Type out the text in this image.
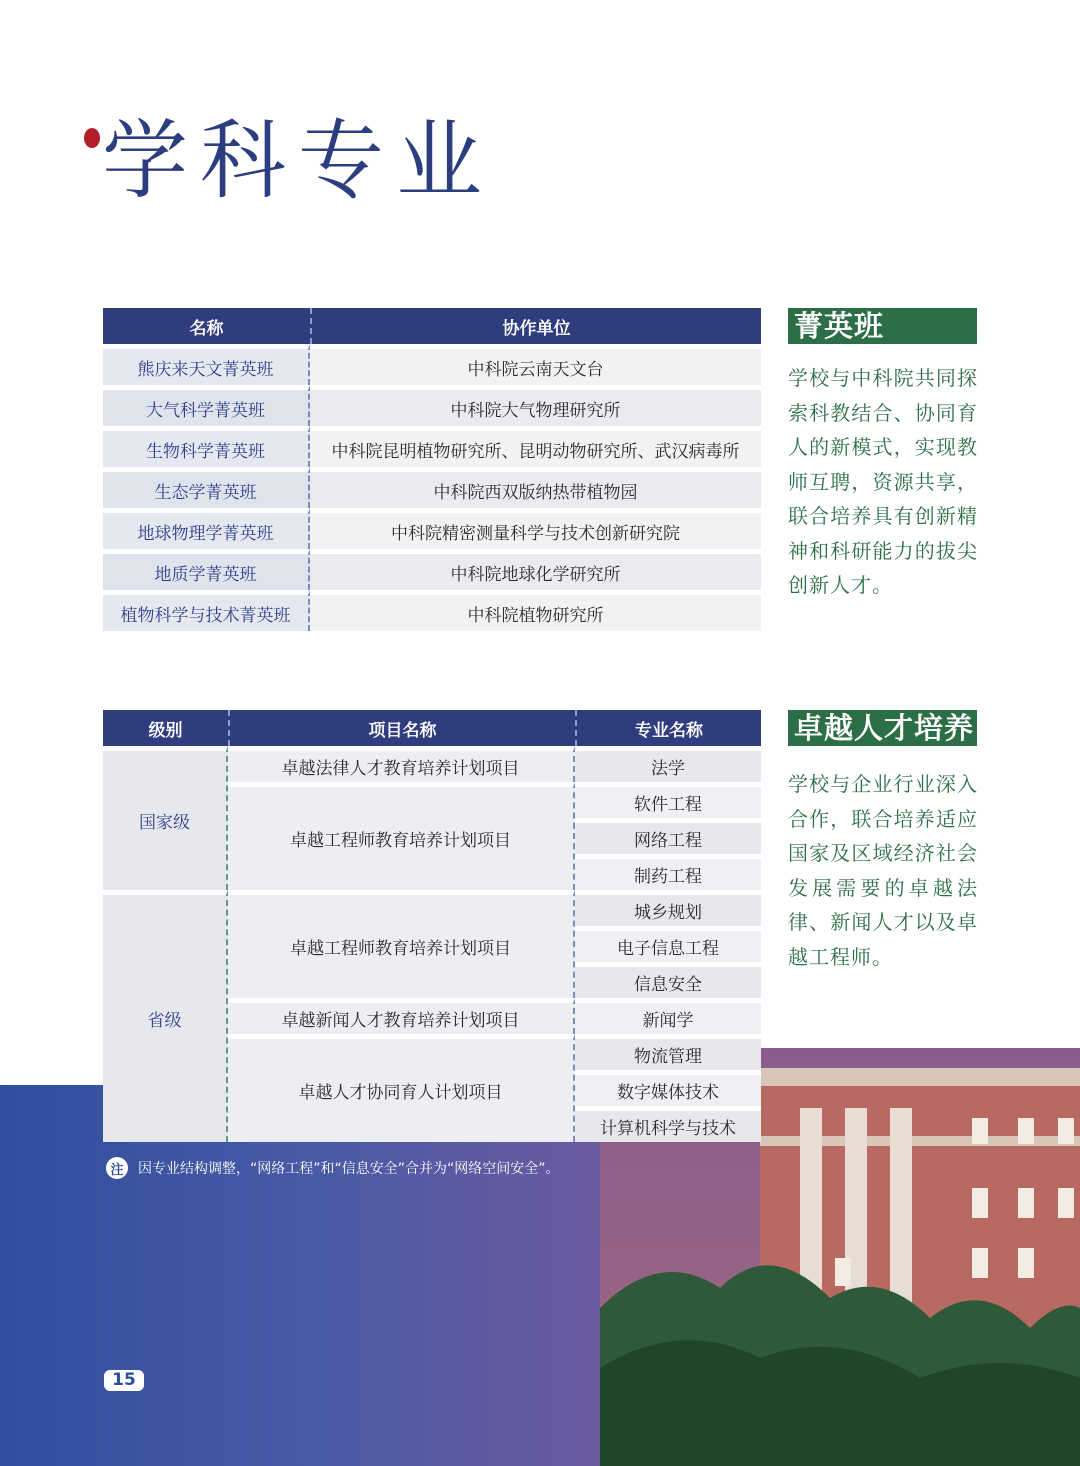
学科专业
名称	协作单位
熊庆来天文菁英班	中科院云南天文台
大气科学菁英班	中科院大气物理研究所
生物科学菁英班	中科院昆明植物研究所、昆明动物研究所、武汉病毒所
生态学菁英班	中科院西双版纳热带植物园
地球物理学菁英班	中科院精密测量科学与技术创新研究院
地质学菁英班	中科院地球化学研究所
植物科学与技术菁英班	中科院植物研究所
菁英班
学校与中科院共同探索科教结合、协同育人的新模式，实现教师互聘，资源共享，联合培养具有创新精神和科研能力的拔尖创新人才。
级别	项目名称	专业名称
国家级	卓越法律人才教育培养计划项目	法学
	卓越工程师教育培养计划项目	软件工程
		网络工程
		制药工程
省级	卓越工程师教育培养计划项目	城乡规划
		电子信息工程
		信息安全
	卓越新闻人才教育培养计划项目	新闻学
	卓越人才协同育人计划项目	物流管理
		数字媒体技术
		计算机科学与技术
卓越人才培养
学校与企业行业深入合作，联合培养适应国家及区域经济社会发展需要的卓越法律、新闻人才以及卓越工程师。
注	因专业结构调整，“网络工程”和“信息安全”合并为“网络空间安全”。
15
